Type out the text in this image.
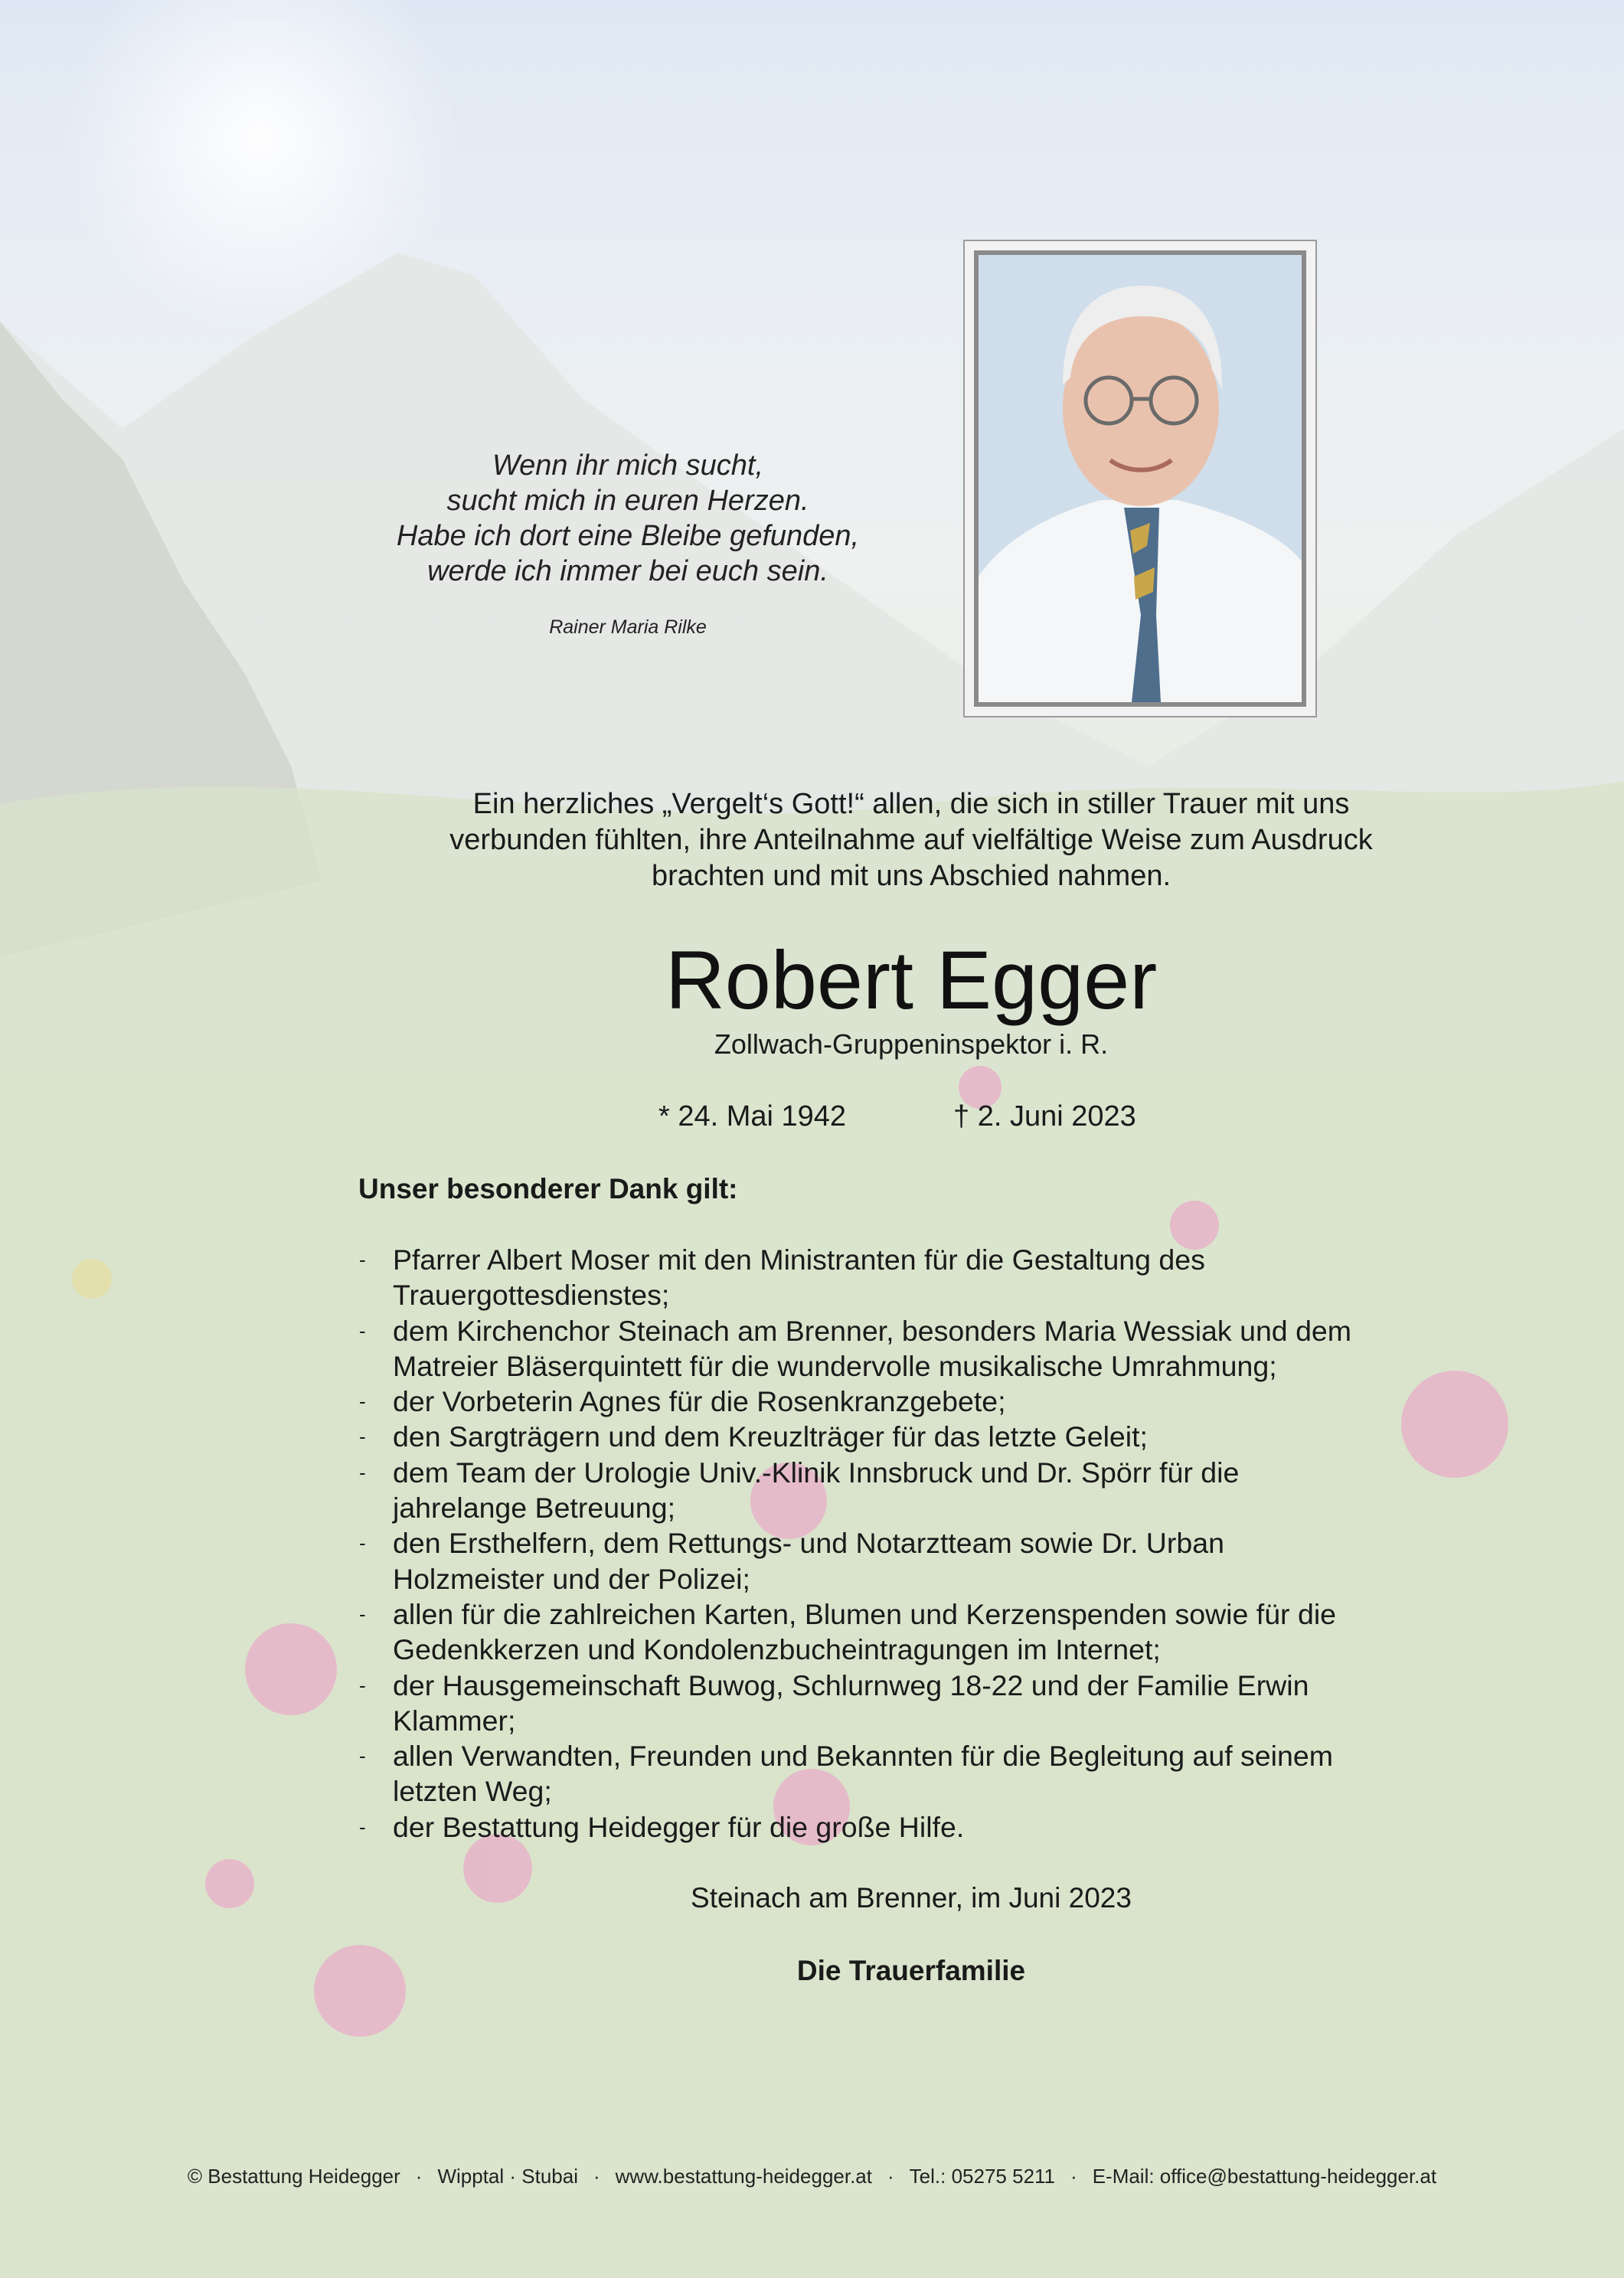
Wenn ihr mich sucht,
sucht mich in euren Herzen.
Habe ich dort eine Bleibe gefunden,
werde ich immer bei euch sein.
Rainer Maria Rilke
Ein herzliches „Vergelt‘s Gott!“ allen, die sich in stiller Trauer mit uns
verbunden fühlten, ihre Anteilnahme auf vielfältige Weise zum Ausdruck
brachten und mit uns Abschied nahmen.
Robert Egger
Zollwach-Gruppeninspektor i. R.
* 24. Mai 1942	† 2. Juni 2023
Unser besonderer Dank gilt:
- Pfarrer Albert Moser mit den Ministranten für die Gestaltung des
Trauergottesdienstes;
- dem Kirchenchor Steinach am Brenner, besonders Maria Wessiak und dem
Matreier Bläserquintett für die wundervolle musikalische Umrahmung;
- der Vorbeterin Agnes für die Rosenkranzgebete;
- den Sargträgern und dem Kreuzlträger für das letzte Geleit;
- dem Team der Urologie Univ.-Klinik Innsbruck und Dr. Spörr für die
jahrelange Betreuung;
- den Ersthelfern, dem Rettungs- und Notarztteam sowie Dr. Urban
Holzmeister und der Polizei;
- allen für die zahlreichen Karten, Blumen und Kerzenspenden sowie für die
Gedenkkerzen und Kondolenzbucheintragungen im Internet;
- der Hausgemeinschaft Buwog, Schlurnweg 18-22 und der Familie Erwin
Klammer;
- allen Verwandten, Freunden und Bekannten für die Begleitung auf seinem
letzten Weg;
- der Bestattung Heidegger für die große Hilfe.
Steinach am Brenner, im Juni 2023
Die Trauerfamilie
© Bestattung Heidegger · Wipptal · Stubai · www.bestattung-heidegger.at · Tel.: 05275 5211 · E-Mail: office@bestattung-heidegger.at
